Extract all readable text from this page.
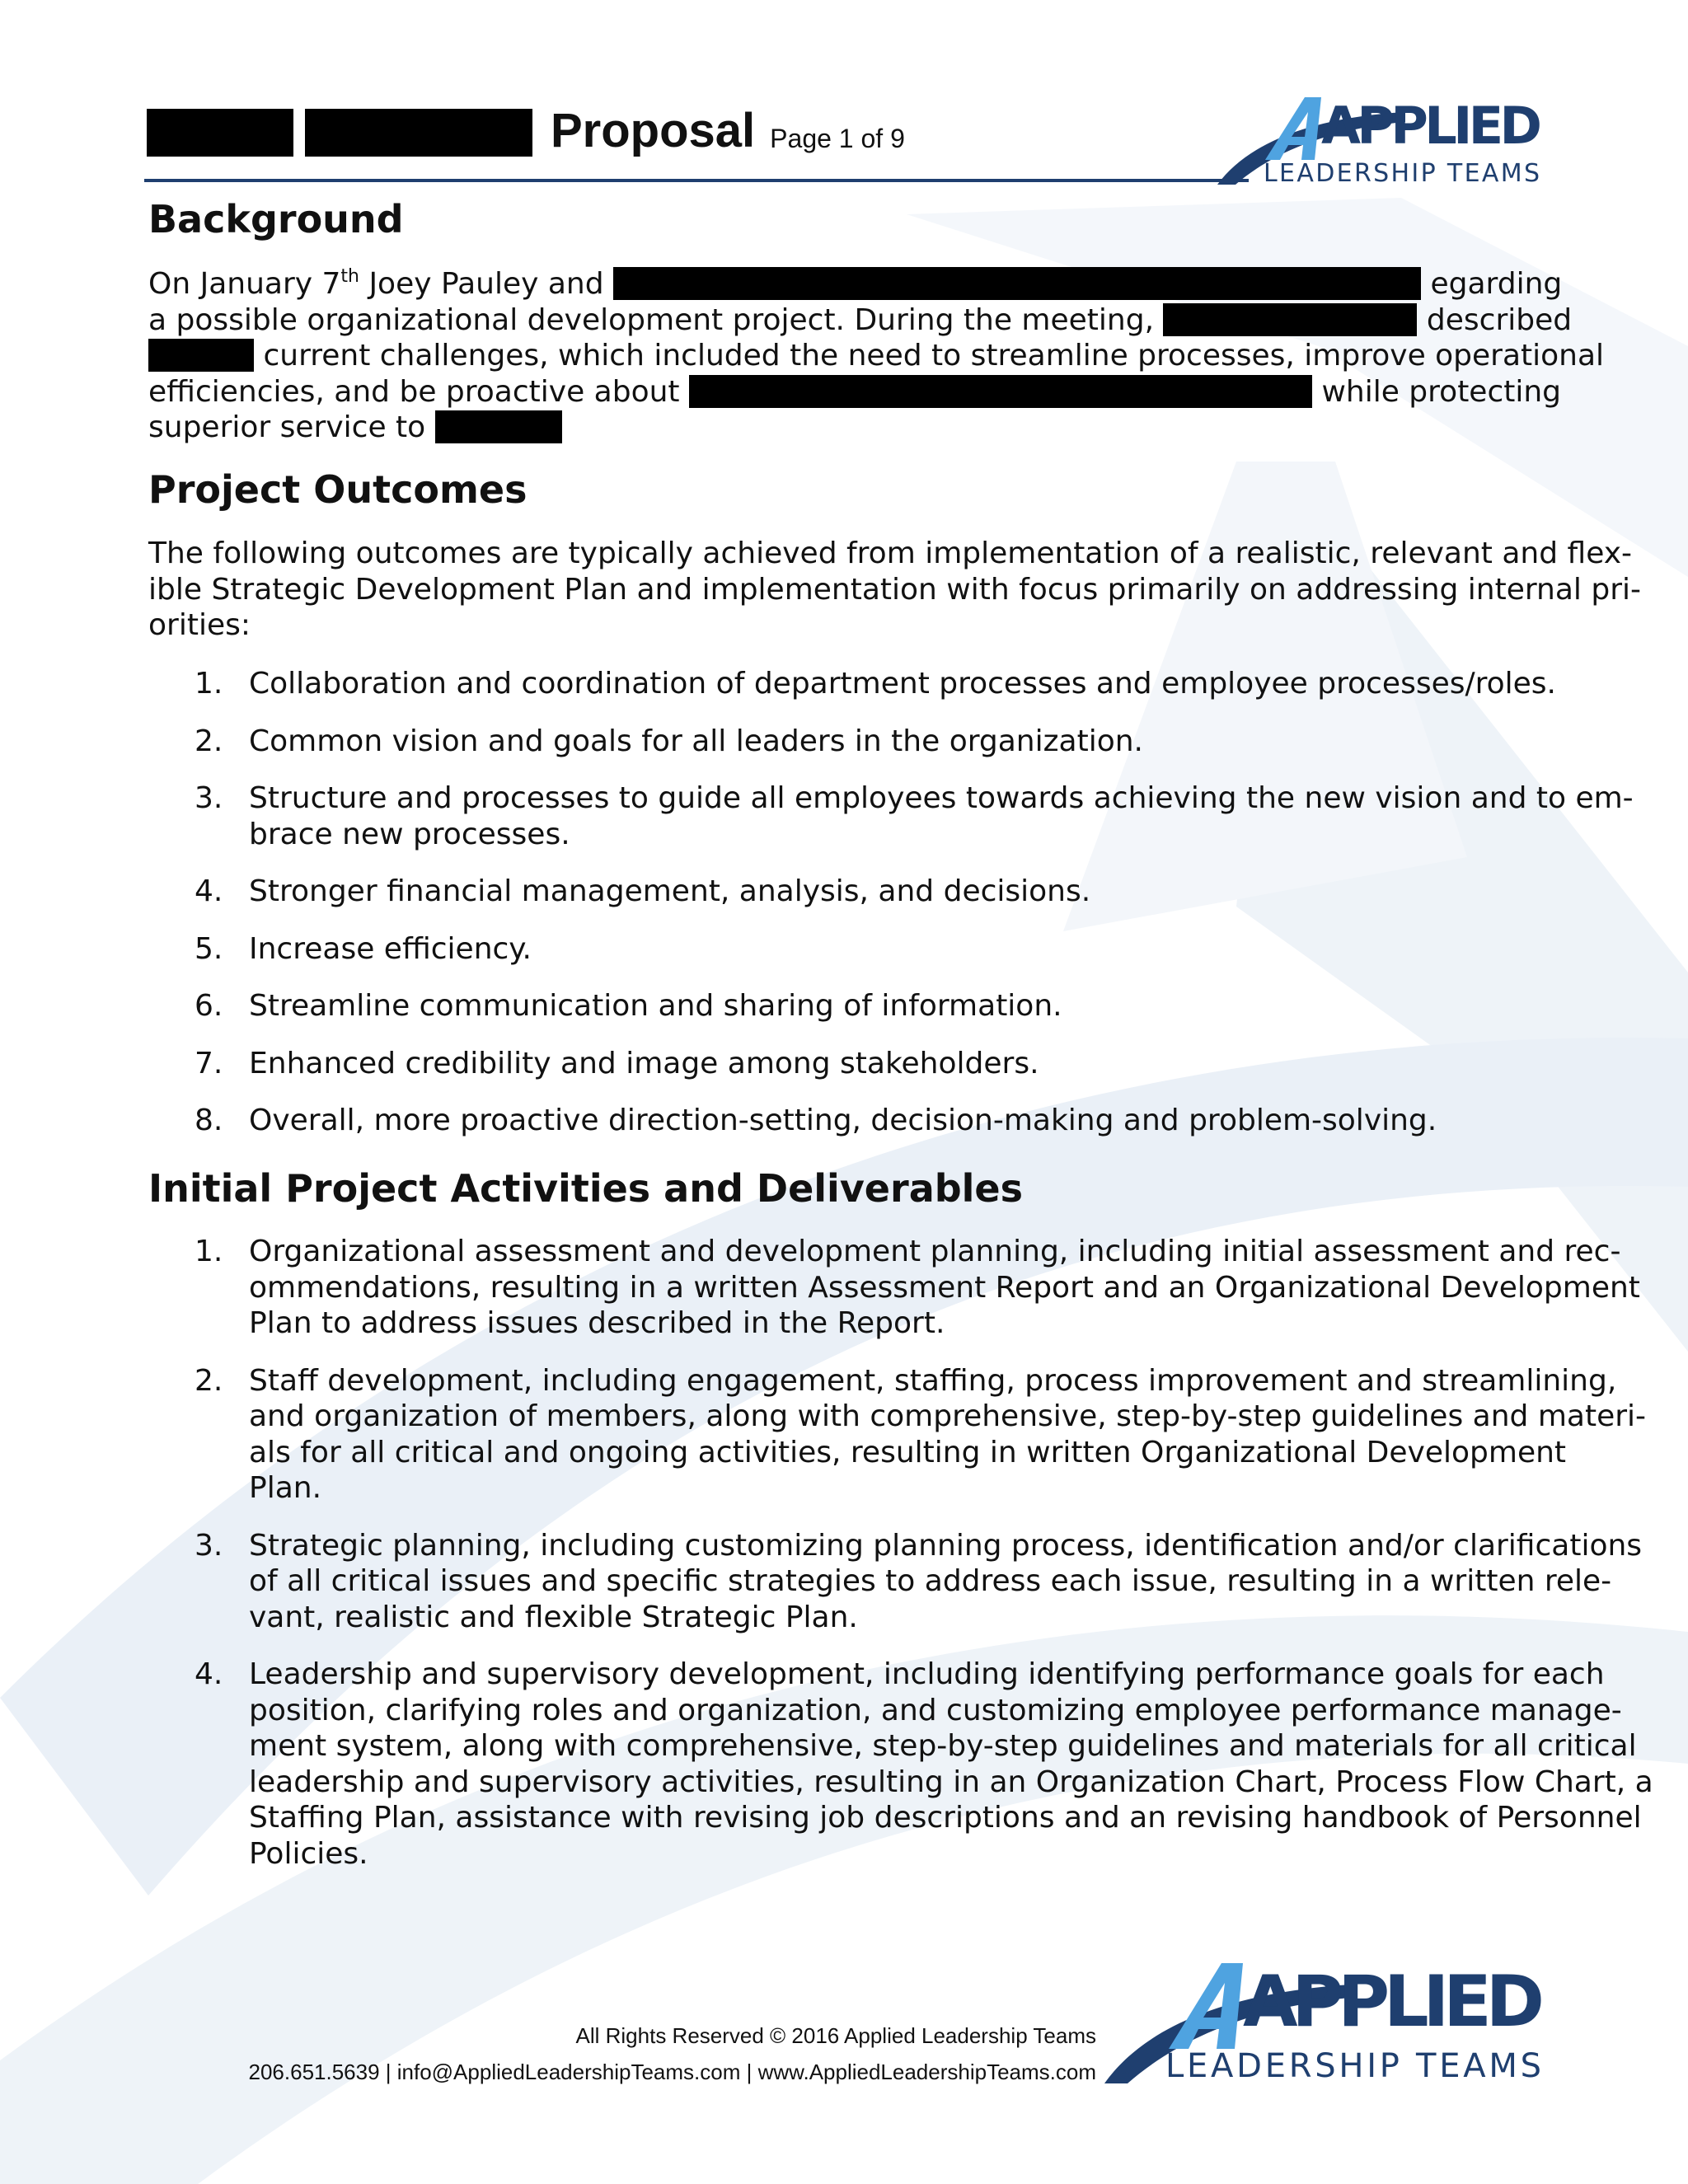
Proposal Page 1 of 9	APPLIED
LEADERSHIP TEAMS
Background
On January 7th Joey Pauley and	egarding
a possible organizational development project. During the meeting,	described
current challenges, which included the need to streamline processes, improve operational
efficiencies, and be proactive about	while protecting
superior service to
Project Outcomes
The following outcomes are typically achieved from implementation of a realistic, relevant and flex-
ible Strategic Development Plan and implementation with focus primarily on addressing internal pri-
orities:
1. Collaboration and coordination of department processes and employee processes/roles.
2. Common vision and goals for all leaders in the organization.
3. Structure and processes to guide all employees towards achieving the new vision and to em-
brace new processes.
4. Stronger financial management, analysis, and decisions.
5. Increase efficiency.
6. Streamline communication and sharing of information.
7. Enhanced credibility and image among stakeholders.
8. Overall, more proactive direction-setting, decision-making and problem-solving.
Initial Project Activities and Deliverables
1. Organizational assessment and development planning, including initial assessment and rec-
ommendations, resulting in a written Assessment Report and an Organizational Development
Plan to address issues described in the Report.
2. Staff development, including engagement, staffing, process improvement and streamlining,
and organization of members, along with comprehensive, step-by-step guidelines and materi-
als for all critical and ongoing activities, resulting in written Organizational Development
Plan.
3. Strategic planning, including customizing planning process, identification and/or clarifications
of all critical issues and specific strategies to address each issue, resulting in a written rele-
vant, realistic and flexible Strategic Plan.
4. Leadership and supervisory development, including identifying performance goals for each
position, clarifying roles and organization, and customizing employee performance manage-
ment system, along with comprehensive, step-by-step guidelines and materials for all critical
leadership and supervisory activities, resulting in an Organization Chart, Process Flow Chart, a
Staffing Plan, assistance with revising job descriptions and an revising handbook of Personnel
Policies.
All Rights Reserved © 2016 Applied Leadership Teams
206.651.5639 | info@AppliedLeadershipTeams.com | www.AppliedLeadershipTeams.com
APPLIED
LEADERSHIP TEAMS
